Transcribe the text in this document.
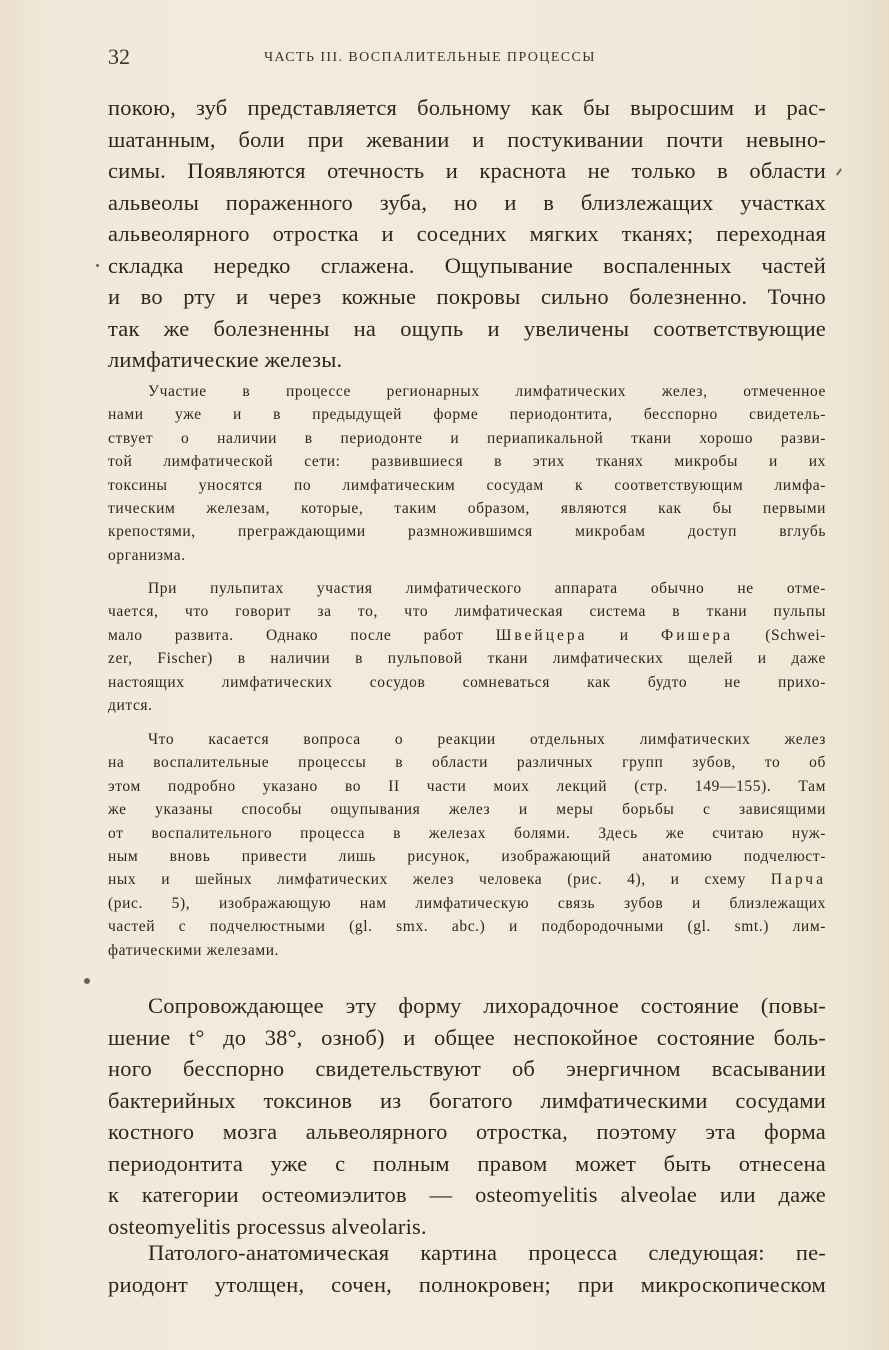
32	ЧАСТЬ III. ВОСПАЛИТЕЛЬНЫЕ ПРОЦЕССЫ
покою, зуб представляется больному как бы выросшим и рас-
шатанным, боли при жевании и постукивании почти невыно-
симы. Появляются отечность и краснота не только в области
альвеолы пораженного зуба, но и в близлежащих участках
альвеолярного отростка и соседних мягких тканях; переходная
складка нередко сглажена. Ощупывание воспаленных частей
и во рту и через кожные покровы сильно болезненно. Точно
так же болезненны на ощупь и увеличены соответствующие
лимфатические железы.
Участие в процессе регионарных лимфатических желез, отмеченное
нами уже и в предыдущей форме периодонтита, бесспорно свидетель-
ствует о наличии в периодонте и периапикальной ткани хорошо разви-
той лимфатической сети: развившиеся в этих тканях микробы и их
токсины уносятся по лимфатическим сосудам к соответствующим лимфа-
тическим железам, которые, таким образом, являются как бы первыми
крепостями, преграждающими размножившимся микробам доступ вглубь
организма.
При пульпитах участия лимфатического аппарата обычно не отме-
чается, что говорит за то, что лимфатическая система в ткани пульпы
мало развита. Однако после работ Швейцера и Фишера (Schwei-
zer, Fischer) в наличии в пульповой ткани лимфатических щелей и даже
настоящих лимфатических сосудов сомневаться как будто не прихо-
дится.
Что касается вопроса о реакции отдельных лимфатических желез
на воспалительные процессы в области различных групп зубов, то об
этом подробно указано во II части моих лекций (стр. 149—155). Там
же указаны способы ощупывания желез и меры борьбы с зависящими
от воспалительного процесса в железах болями. Здесь же считаю нуж-
ным вновь привести лишь рисунок, изображающий анатомию подчелюст-
ных и шейных лимфатических желез человека (рис. 4), и схему Парча
(рис. 5), изображающую нам лимфатическую связь зубов и близлежащих
частей с подчелюстными (gl. smx. abc.) и подбородочными (gl. smt.) лим-
фатическими железами.
Сопровождающее эту форму лихорадочное состояние (повы-
шение t° до 38°, озноб) и общее неспокойное состояние боль-
ного бесспорно свидетельствуют об энергичном всасывании
бактерийных токсинов из богатого лимфатическими сосудами
костного мозга альвеолярного отростка, поэтому эта форма
периодонтита уже с полным правом может быть отнесена
к категории остеомиэлитов — osteomyelitis alveolae или даже
osteomyelitis processus alveolaris.
Патолого-анатомическая картина процесса следующая: пе-
риодонт утолщен, сочен, полнокровен; при микроскопическом
